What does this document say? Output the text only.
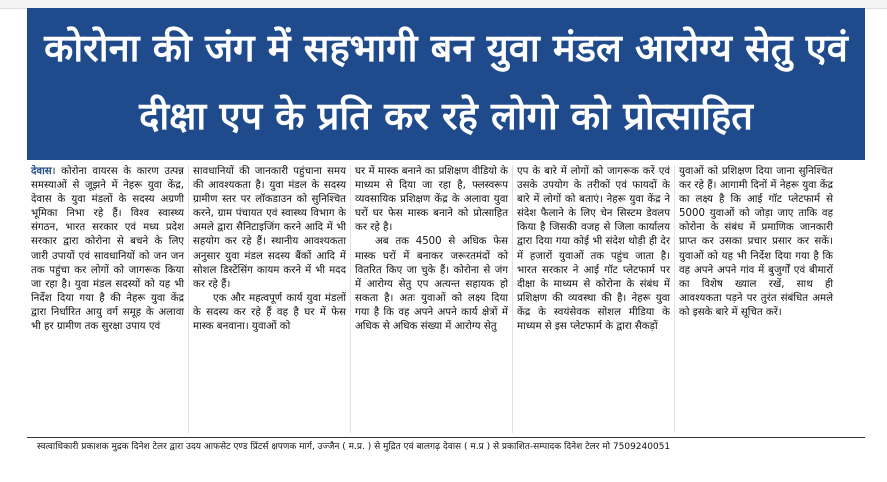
कोरोना की जंग में सहभागी बन युवा मंडल आरोग्य सेतु एवं
दीक्षा एप के प्रति कर रहे लोगो को प्रोत्साहित

देवास। कोरोना वायरस के कारण उत्पन्न समस्याओं से जूझने में नेहरू युवा केंद्र, देवास के युवा मंडलों के सदस्य अग्रणी भूमिका निभा रहे हैं। विश्व स्वास्थ्य संगठन, भारत सरकार एवं मध्य प्रदेश सरकार द्वारा कोरोना से बचने के लिए जारी उपायों एवं सावधानियों को जन जन तक पहुंचा कर लोगों को जागरूक किया जा रहा है। युवा मंडल सदस्यों को यह भी निर्देश दिया गया है की नेहरू युवा केंद्र द्वारा निर्धारित आयु वर्ग समूह के अलावा भी हर ग्रामीण तक सुरक्षा उपाय एवं

सावधानियों की जानकारी पहुंचाना समय की आवश्यकता है। युवा मंडल के सदस्य ग्रामीण स्तर पर लॉकडाउन को सुनिश्चित करने, ग्राम पंचायत एवं स्वास्थ्य विभाग के अमले द्वारा सैनिटाइजिंग करने आदि में भी सहयोग कर रहे हैं। स्थानीय आवश्यकता अनुसार युवा मंडल सदस्य बैंकों आदि में सोशल डिस्टेंसिंग कायम करने में भी मदद कर रहे हैं।

एक और महत्वपूर्ण कार्य युवा मंडलों के सदस्य कर रहे हैं वह है घर में फेस मास्क बनवाना। युवाओं को

घर में मास्क बनाने का प्रशिक्षण वीडियो के माध्यम से दिया जा रहा है, फ्लस्वरूप व्यवसायिक प्रशिक्षण केंद्र के अलावा युवा घरों घर फेस मास्क बनाने को प्रोत्साहित कर रहे है।

अब तक 4500 से अधिक फेस मास्क घरों में बनाकर जरूरतमंदों को वितरित किए जा चुके हैं। कोरोना से जंग में आरोग्य सेतु एप अत्यन्त सहायक हो सकता है। अतः युवाओं को लक्ष्य दिया गया है कि वह अपने अपने कार्य क्षेत्रों में अधिक से अधिक संख्या में आरोग्य सेतु

एप के बारे में लोगों को जागरूक करें एवं उसके उपयोग के तरीकों एवं फायदों के बारे में लोगों को बताएं। नेहरू युवा केंद्र ने संदेश फैलाने के लिए चेन सिस्टम डेवलप किया है जिसकी वजह से जिला कार्यालय द्वारा दिया गया कोई भी संदेश थोड़ी ही देर में हजारों युवाओं तक पहुंच जाता है। भारत सरकार ने आई गॉट प्लेटफार्म पर दीक्षा के माध्यम से कोरोना के संबंध में प्रशिक्षण की व्यवस्था की है। नेहरू युवा केंद्र के स्वयंसेवक सोशल मीडिया के माध्यम से इस प्लेटफार्म के द्वारा सैकड़ों

युवाओं को प्रशिक्षण दिया जाना सुनिश्चित कर रहे हैं। आगामी दिनों में नेहरू युवा केंद्र का लक्ष्य है कि आई गॉट प्लेटफार्म से 5000 युवाओं को जोड़ा जाए ताकि वह कोरोना के संबंध में प्रमाणिक जानकारी प्राप्त कर उसका प्रचार प्रसार कर सकें। युवाओं को यह भी निर्देश दिया गया है कि वह अपने अपने गांव में बुजुर्गों एवं बीमारों का विशेष ख्याल रखें, साथ ही आवश्यकता पड़ने पर तुरंत संबंधित अमले को इसके बारे में सूचित करें।

स्वत्वाधिकारी प्रकाशक मुद्रक दिनेश टेलर द्वारा उदय आफसेट एण्ड प्रिंटर्स क्षपणक मार्ग, उज्जैन ( म.प्र. ) से मुद्रित एवं बालगढ़ देवास ( म.प्र ) से प्रकाशित-सम्पादक दिनेश टेलर मो 7509240051
